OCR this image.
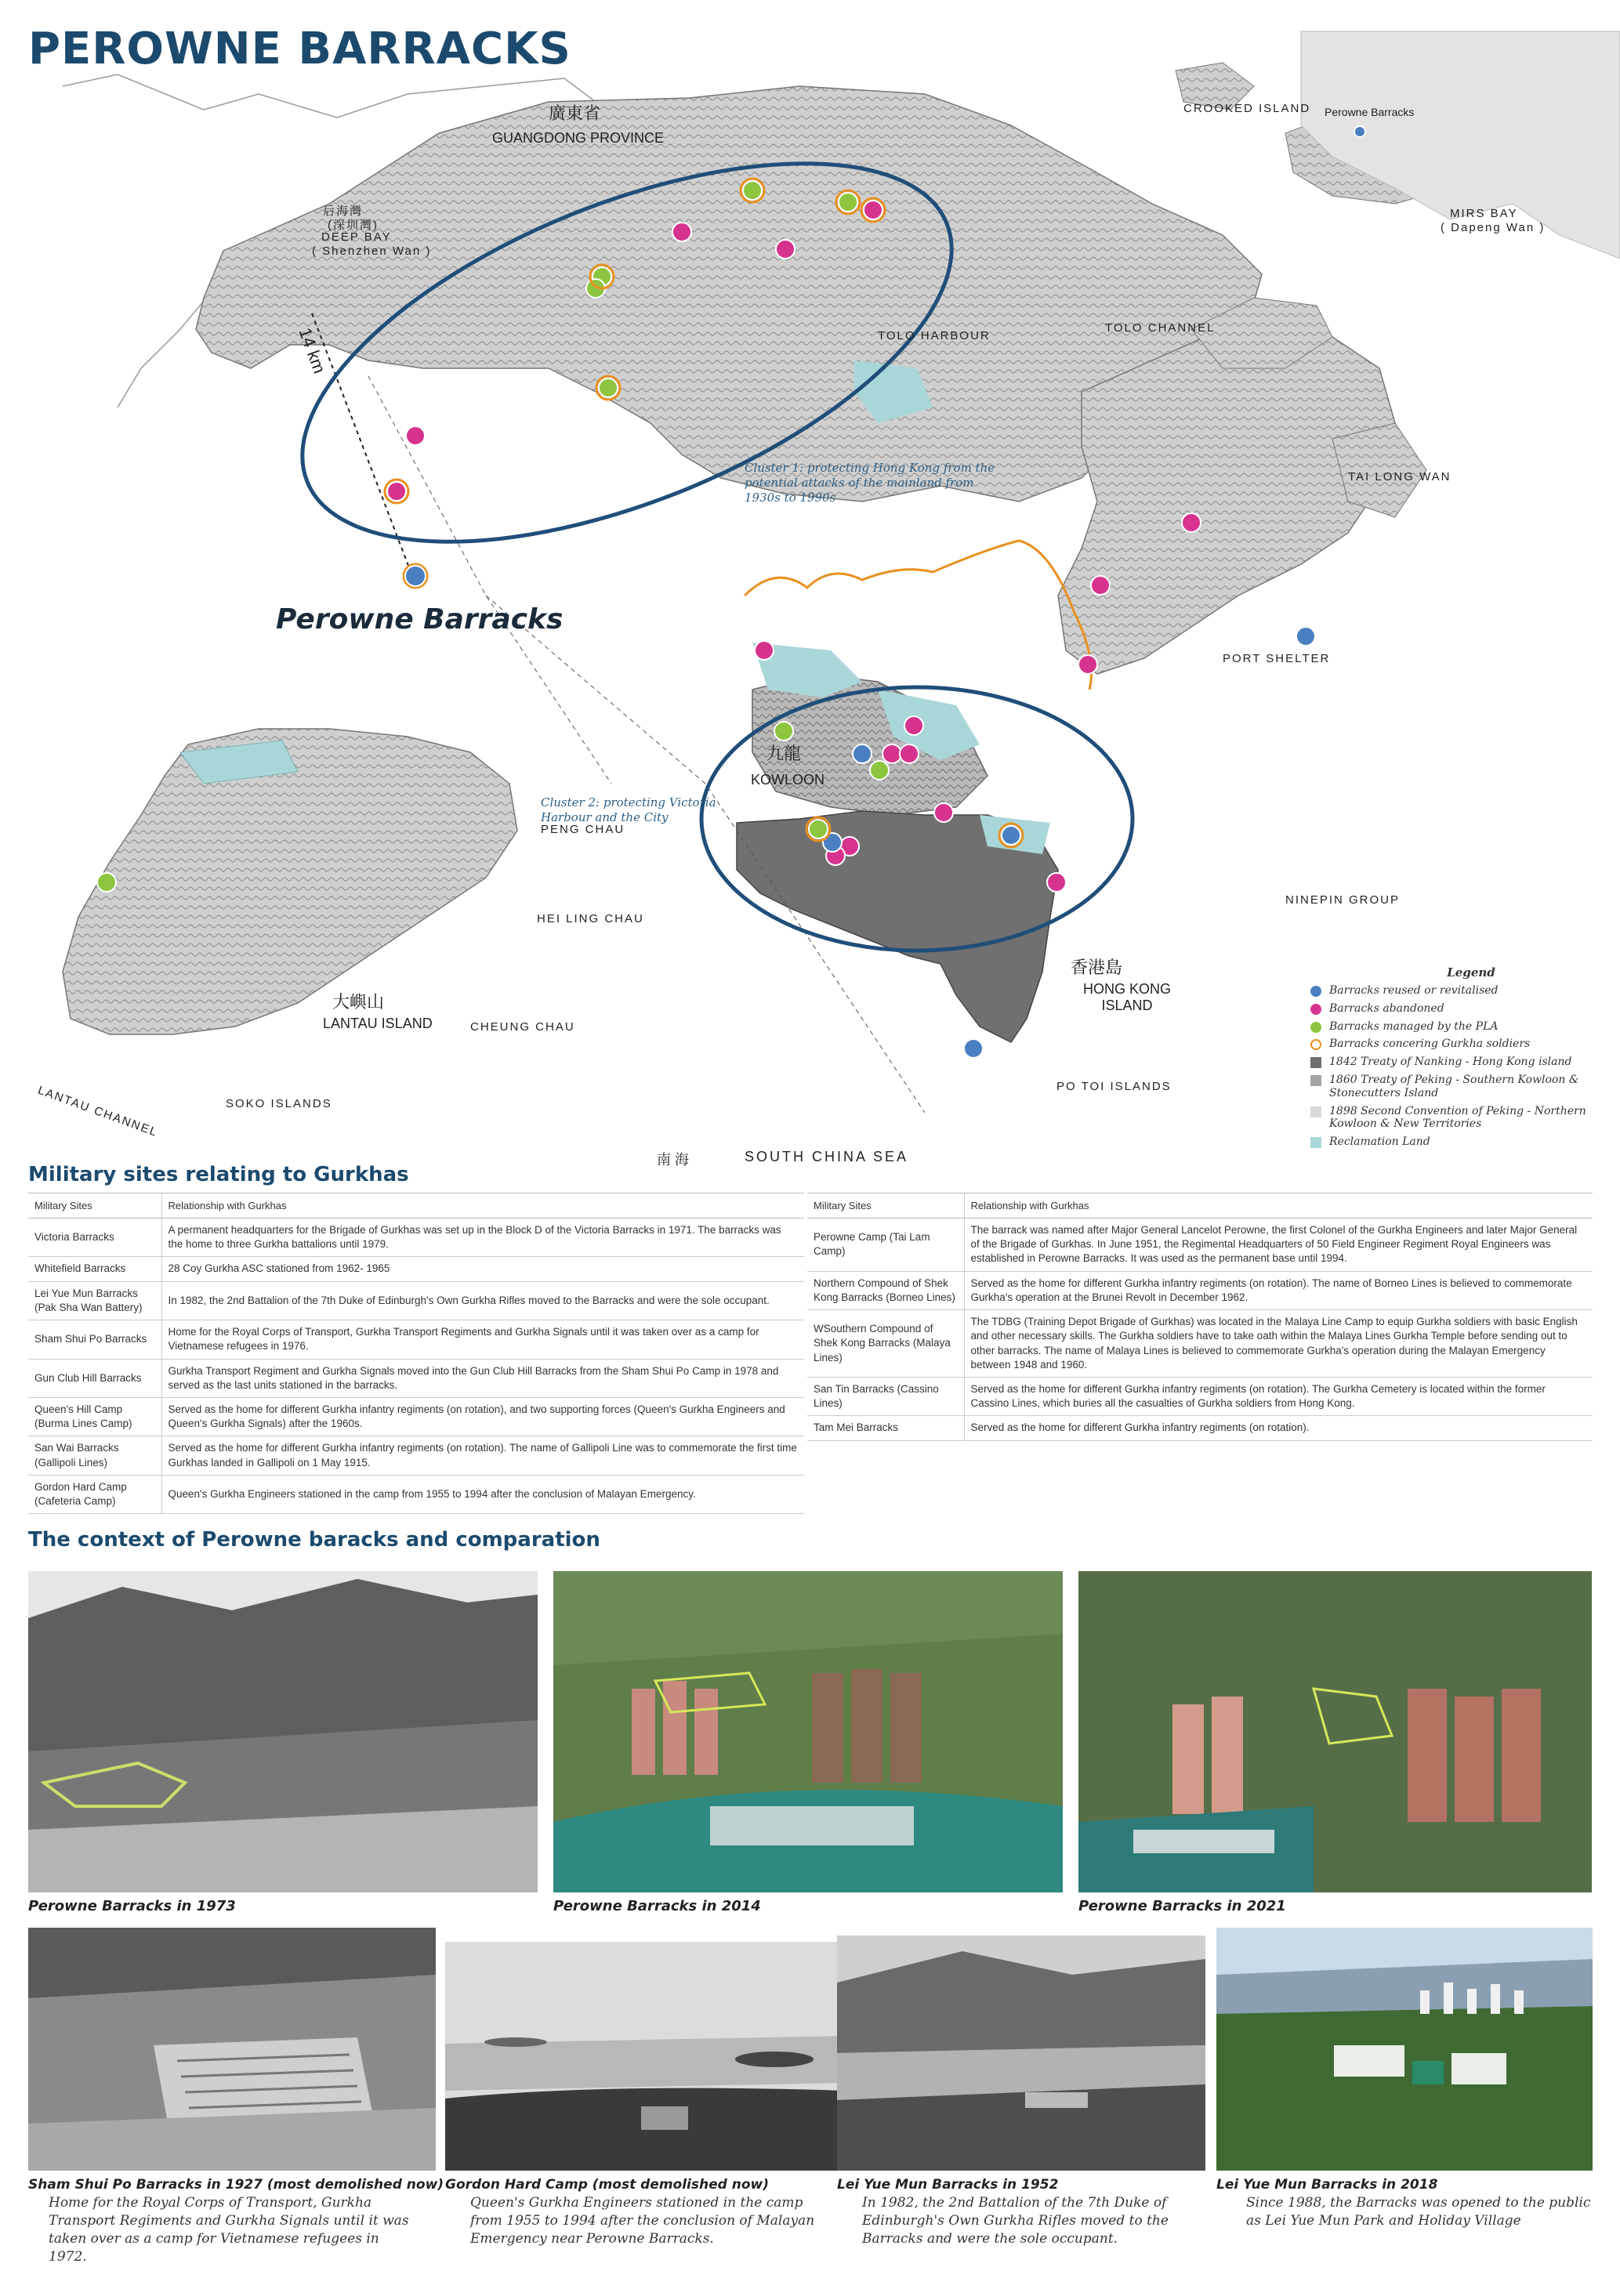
PEROWNE BARRACKS
廣東省
GUANGDONG PROVINCE
后海灣
(深圳灣)
DEEP BAY
( Shenzhen Wan )
14 km
Perowne Barracks
Cluster 1: protecting Hong Kong from the potential attacks of the mainland from 1930s to 1990s
Cluster 2: protecting Victoria Harbour and the City
九龍
KOWLOON
香港島
HONG KONG ISLAND
大嶼山
LANTAU ISLAND
南 海	SOUTH CHINA SEA
CROOKED ISLAND
MIRS BAY
( Dapeng Wan )
TOLO HARBOUR
TOLO CHANNEL
PORT SHELTER
TAI LONG WAN
PENG CHAU
HEI LING CHAU
CHEUNG CHAU
SOKO ISLANDS
PO TOI ISLANDS
NINEPIN GROUP
LANTAU CHANNEL
Perowne Barracks
Legend
Barracks reused or revitalised
Barracks abandoned
Barracks managed by the PLA
Barracks concering Gurkha soldiers
1842 Treaty of Nanking - Hong Kong island
1860 Treaty of Peking - Southern Kowloon & Stonecutters Island
1898 Second Convention of Peking - Northern Kowloon & New Territories
Reclamation Land
Military sites relating to Gurkhas
Military Sites	Relationship with Gurkhas
Victoria Barracks	A permanent headquarters for the Brigade of Gurkhas was set up in the Block D of the Victoria Barracks in 1971. The barracks was the home to three Gurkha battalions until 1979.
Whitefield Barracks	28 Coy Gurkha ASC stationed from 1962- 1965
Lei Yue Mun Barracks (Pak Sha Wan Battery)	In 1982, the 2nd Battalion of the 7th Duke of Edinburgh's Own Gurkha Rifles moved to the Barracks and were the sole occupant.
Sham Shui Po Barracks	Home for the Royal Corps of Transport, Gurkha Transport Regiments and Gurkha Signals until it was taken over as a camp for Vietnamese refugees in 1976.
Gun Club Hill Barracks	Gurkha Transport Regiment and Gurkha Signals moved into the Gun Club Hill Barracks from the Sham Shui Po Camp in 1978 and served as the last units stationed in the barracks.
Queen's Hill Camp (Burma Lines Camp)	Served as the home for different Gurkha infantry regiments (on rotation), and two supporting forces (Queen's Gurkha Engineers and Queen's Gurkha Signals) after the 1960s.
San Wai Barracks (Gallipoli Lines)	Served as the home for different Gurkha infantry regiments (on rotation). The name of Gallipoli Line was to commemorate the first time Gurkhas landed in Gallipoli on 1 May 1915.
Gordon Hard Camp (Cafeteria Camp)	Queen's Gurkha Engineers stationed in the camp from 1955 to 1994 after the conclusion of Malayan Emergency.
Military Sites	Relationship with Gurkhas
Perowne Camp (Tai Lam Camp)	The barrack was named after Major General Lancelot Perowne, the first Colonel of the Gurkha Engineers and later Major General of the Brigade of Gurkhas. In June 1951, the Regimental Headquarters of 50 Field Engineer Regiment Royal Engineers was established in Perowne Barracks. It was used as the permanent base until 1994.
Northern Compound of Shek Kong Barracks (Borneo Lines)	Served as the home for different Gurkha infantry regiments (on rotation). The name of Borneo Lines is believed to commemorate Gurkha's operation at the Brunei Revolt in December 1962.
WSouthern Compound of Shek Kong Barracks (Malaya Lines)	The TDBG (Training Depot Brigade of Gurkhas) was located in the Malaya Line Camp to equip Gurkha soldiers with basic English and other necessary skills. The Gurkha soldiers have to take oath within the Malaya Lines Gurkha Temple before sending out to other barracks. The name of Malaya Lines is believed to commemorate Gurkha's operation during the Malayan Emergency between 1948 and 1960.
San Tin Barracks (Cassino Lines)	Served as the home for different Gurkha infantry regiments (on rotation). The Gurkha Cemetery is located within the former Cassino Lines, which buries all the casualties of Gurkha soldiers from Hong Kong.
Tam Mei Barracks	Served as the home for different Gurkha infantry regiments (on rotation).
The context of Perowne baracks and comparation
Perowne Barracks in 1973	Perowne Barracks in 2014	Perowne Barracks in 2021
Sham Shui Po Barracks in 1927 (most demolished now)
Home for the Royal Corps of Transport, Gurkha Transport Regiments and Gurkha Signals until it was taken over as a camp for Vietnamese refugees in 1972.
Gordon Hard Camp (most demolished now)
Queen's Gurkha Engineers stationed in the camp from 1955 to 1994 after the conclusion of Malayan Emergency near Perowne Barracks.
Lei Yue Mun Barracks in 1952
In 1982, the 2nd Battalion of the 7th Duke of Edinburgh's Own Gurkha Rifles moved to the Barracks and were the sole occupant.
Lei Yue Mun Barracks in 2018
Since 1988, the Barracks was opened to the public as Lei Yue Mun Park and Holiday Village
